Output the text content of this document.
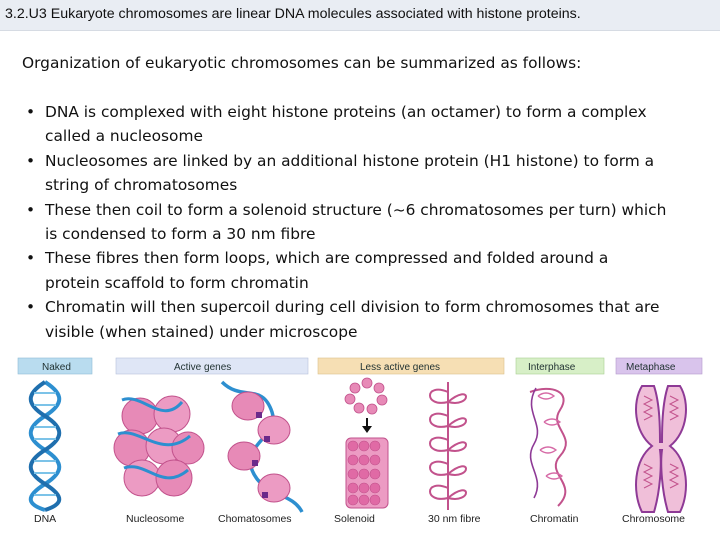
3.2.U3 Eukaryote chromosomes are linear DNA molecules associated with histone proteins.
Organization of eukaryotic chromosomes can be summarized as follows:
• DNA is complexed with eight histone proteins (an octamer) to form a complex
called a nucleosome
• Nucleosomes are linked by an additional histone protein (H1 histone) to form a
string of chromatosomes
• These then coil to form a solenoid structure (~6 chromatosomes per turn) which
is condensed to form a 30 nm fibre
• These fibres then form loops, which are compressed and folded around a
protein scaffold to form chromatin
• Chromatin will then supercoil during cell division to form chromosomes that are
visible (when stained) under microscope
Naked	Active genes	Less active genes	Interphase	Metaphase
DNA	Nucleosome	Chomatosomes	Solenoid	30 nm fibre	Chromatin	Chromosome
